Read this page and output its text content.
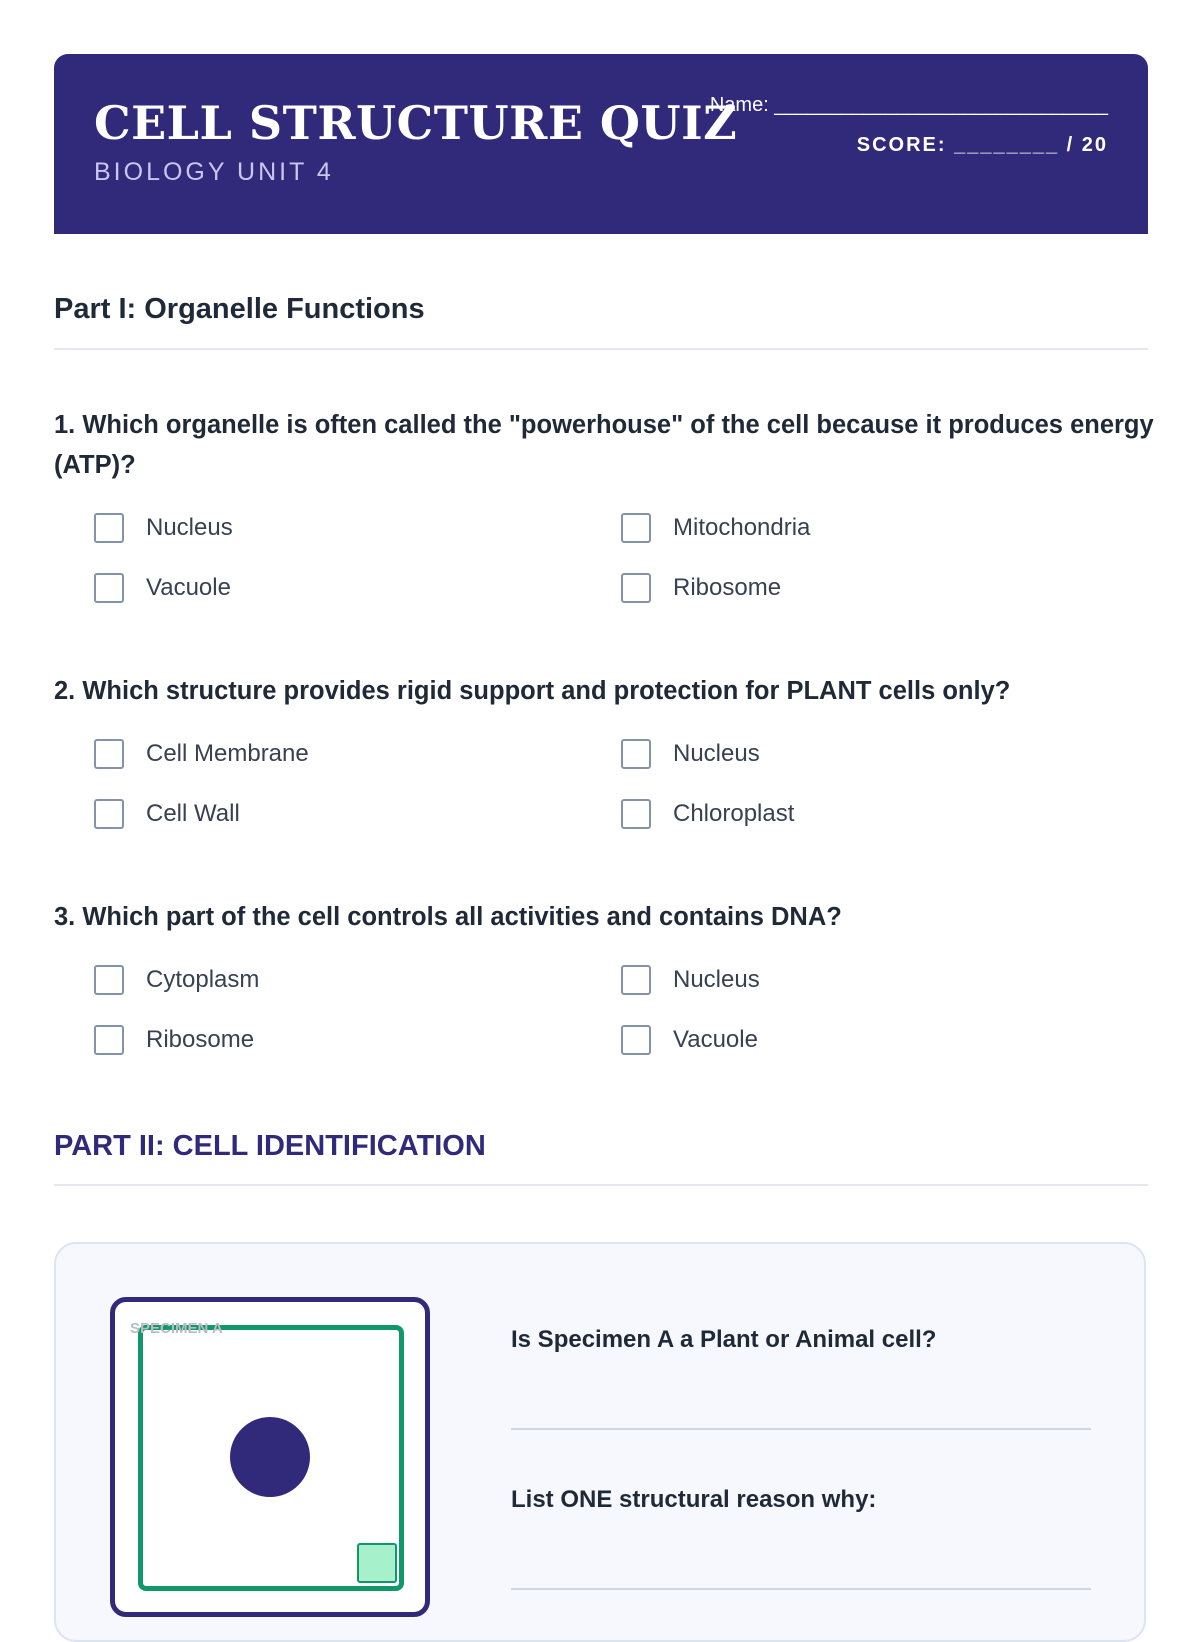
CELL STRUCTURE QUIZ
BIOLOGY UNIT 4
Name: ______________________________
SCORE: ________ / 20
Part I: Organelle Functions
1. Which organelle is often called the "powerhouse" of the cell because it produces energy (ATP)?
Nucleus	Mitochondria
Vacuole	Ribosome
2. Which structure provides rigid support and protection for PLANT cells only?
Cell Membrane	Nucleus
Cell Wall	Chloroplast
3. Which part of the cell controls all activities and contains DNA?
Cytoplasm	Nucleus
Ribosome	Vacuole
PART II: CELL IDENTIFICATION
SPECIMEN A	Is Specimen A a Plant or Animal cell?
List ONE structural reason why:
